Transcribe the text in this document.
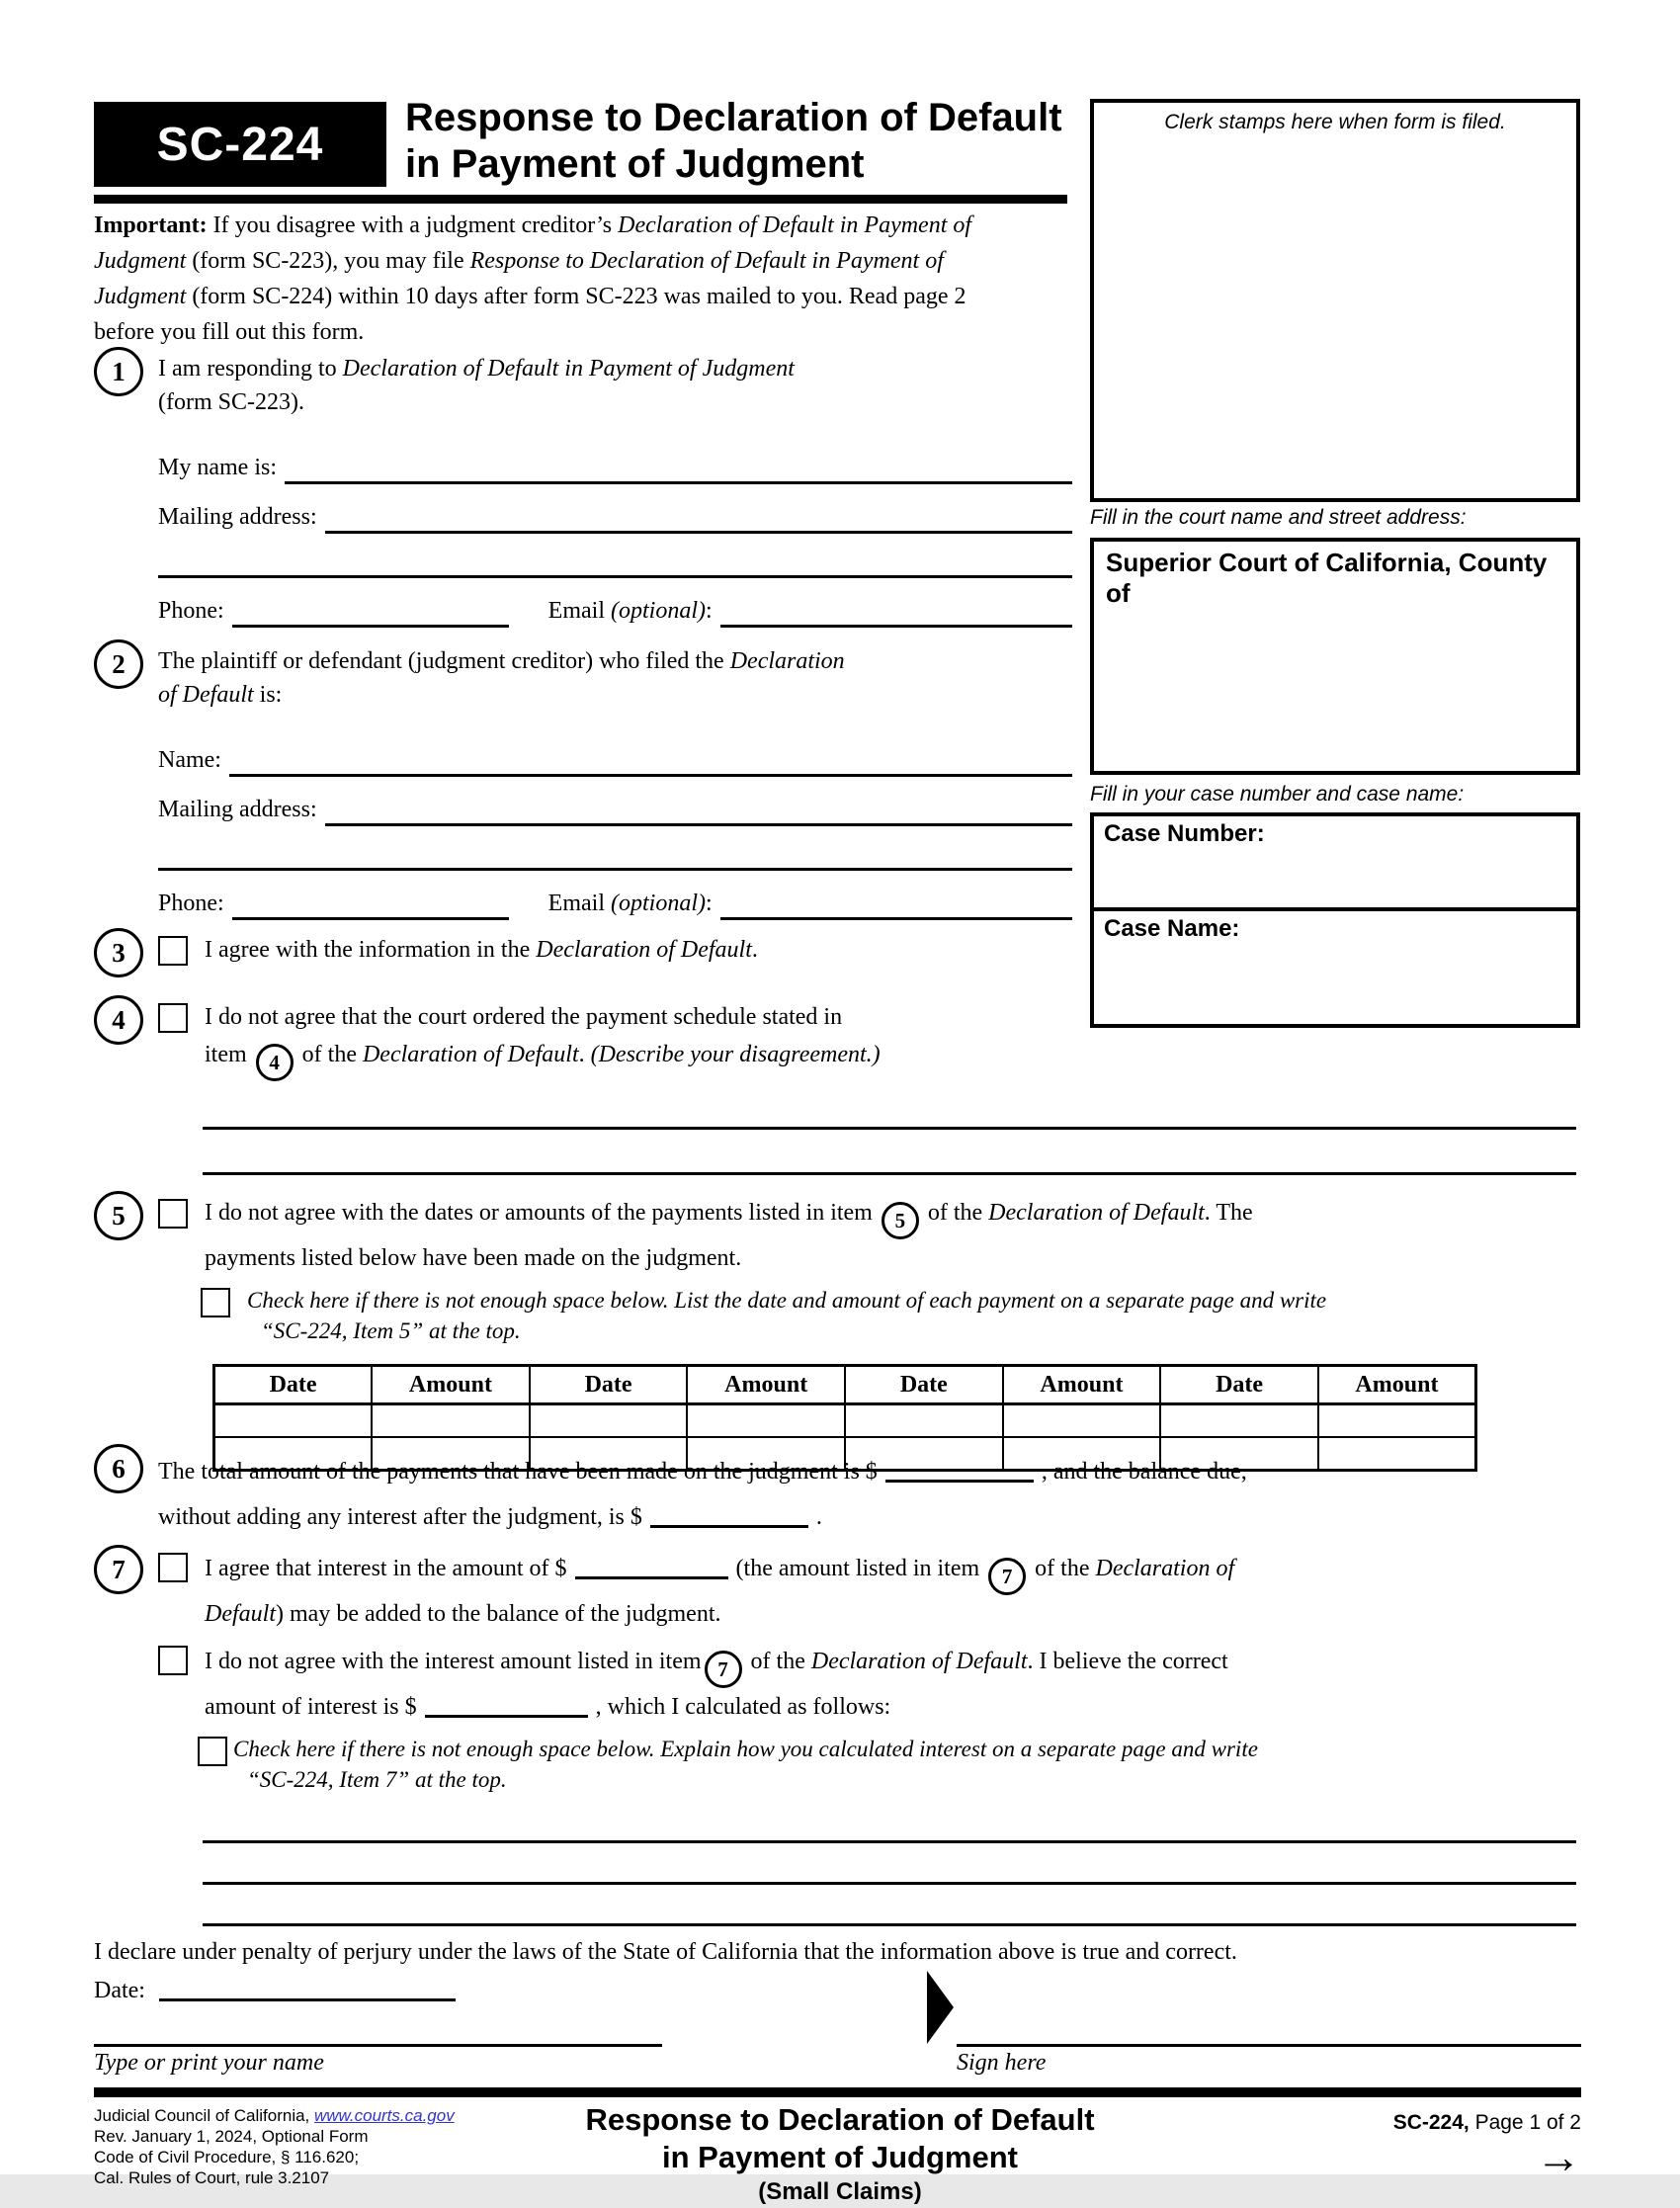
SC-224
Response to Declaration of Default
in Payment of Judgment
Clerk stamps here when form is filed.
Fill in the court name and street address:
Superior Court of California, County of
Fill in your case number and case name:
Case Number:
Case Name:
Important: If you disagree with a judgment creditor’s Declaration of Default in Payment of Judgment (form SC-223), you may file Response to Declaration of Default in Payment of Judgment (form SC-224) within 10 days after form SC-223 was mailed to you. Read page 2 before you fill out this form.
1	I am responding to Declaration of Default in Payment of Judgment
(form SC-223).
My name is:
Mailing address:
Phone:	Email (optional):
2	The plaintiff or defendant (judgment creditor) who filed the Declaration
of Default is:
Name:
Mailing address:
Phone:	Email (optional):
3	I agree with the information in the Declaration of Default.
4	I do not agree that the court ordered the payment schedule stated in
item 4 of the Declaration of Default. (Describe your disagreement.)
5	I do not agree with the dates or amounts of the payments listed in item 5 of the Declaration of Default. The
payments listed below have been made on the judgment.
Check here if there is not enough space below. List the date and amount of each payment on a separate page and write
“SC-224, Item 5” at the top.
Date	Amount	Date	Amount	Date	Amount	Date	Amount

6	The total amount of the payments that have been made on the judgment is $	, and the balance due,
without adding any interest after the judgment, is $	.
7	I agree that interest in the amount of $	(the amount listed in item 7 of the Declaration of
Default) may be added to the balance of the judgment.
I do not agree with the interest amount listed in item 7 of the Declaration of Default. I believe the correct
amount of interest is $	, which I calculated as follows:
Check here if there is not enough space below. Explain how you calculated interest on a separate page and write
“SC-224, Item 7” at the top.
I declare under penalty of perjury under the laws of the State of California that the information above is true and correct.
Date:
Type or print your name	Sign here
Judicial Council of California, www.courts.ca.gov
Rev. January 1, 2024, Optional Form
Code of Civil Procedure, § 116.620;
Cal. Rules of Court, rule 3.2107
Response to Declaration of Default
in Payment of Judgment
(Small Claims)
SC-224, Page 1 of 2
→
